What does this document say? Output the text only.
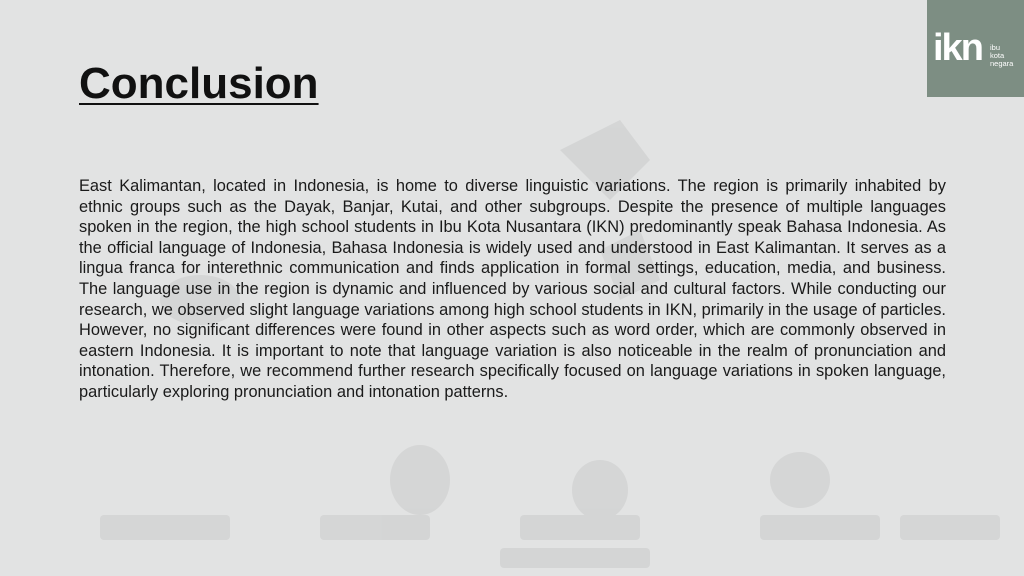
Conclusion

East Kalimantan, located in Indonesia, is home to diverse linguistic variations. The region is primarily inhabited by ethnic groups such as the Dayak, Banjar, Kutai, and other subgroups. Despite the presence of multiple languages spoken in the region, the high school students in Ibu Kota Nusantara (IKN) predominantly speak Bahasa Indonesia. As the official language of Indonesia, Bahasa Indonesia is widely used and understood in East Kalimantan. It serves as a lingua franca for interethnic communication and finds application in formal settings, education, media, and business. The language use in the region is dynamic and influenced by various social and cultural factors. While conducting our research, we observed slight language variations among high school students in IKN, primarily in the usage of particles. However, no significant differences were found in other aspects such as word order, which are commonly observed in eastern Indonesia. It is important to note that language variation is also noticeable in the realm of pronunciation and intonation. Therefore, we recommend further research specifically focused on language variations in spoken language, particularly exploring pronunciation and intonation patterns.

ikn ibu
kota
negara
